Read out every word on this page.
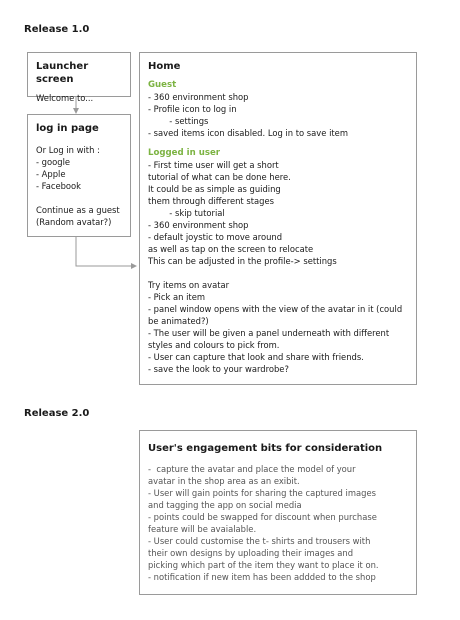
Release 1.0

Launcher screen

Welcome to...

log in page

Or Log in with :

- google

- Apple

- Facebook

Continue as a guest

(Random avatar?)

Home

Guest

- 360 environment shop

- Profile icon to log in

- settings

- saved items icon disabled. Log in to save item

Logged in user

- First time user will get a short

tutorial of what can be done here.

It could be as simple as guiding

them through different stages

- skip tutorial

- 360 environment shop

- default joystic to move around

as well as tap on the screen to relocate

This can be adjusted in the profile-> settings

Try items on avatar

- Pick an item

- panel window opens with the view of the avatar in it (could

be animated?)

- The user will be given a panel underneath with different

styles and colours to pick from.

- User can capture that look and share with friends.

- save the look to your wardrobe?

Release 2.0

User's engagement bits for consideration

-  capture the avatar and place the model of your

avatar in the shop area as an exibit.

- User will gain points for sharing the captured images

and tagging the app on social media

- points could be swapped for discount when purchase

feature will be avaialable.

- User could customise the t- shirts and trousers with

their own designs by uploading their images and

picking which part of the item they want to place it on.

- notification if new item has been addded to the shop
